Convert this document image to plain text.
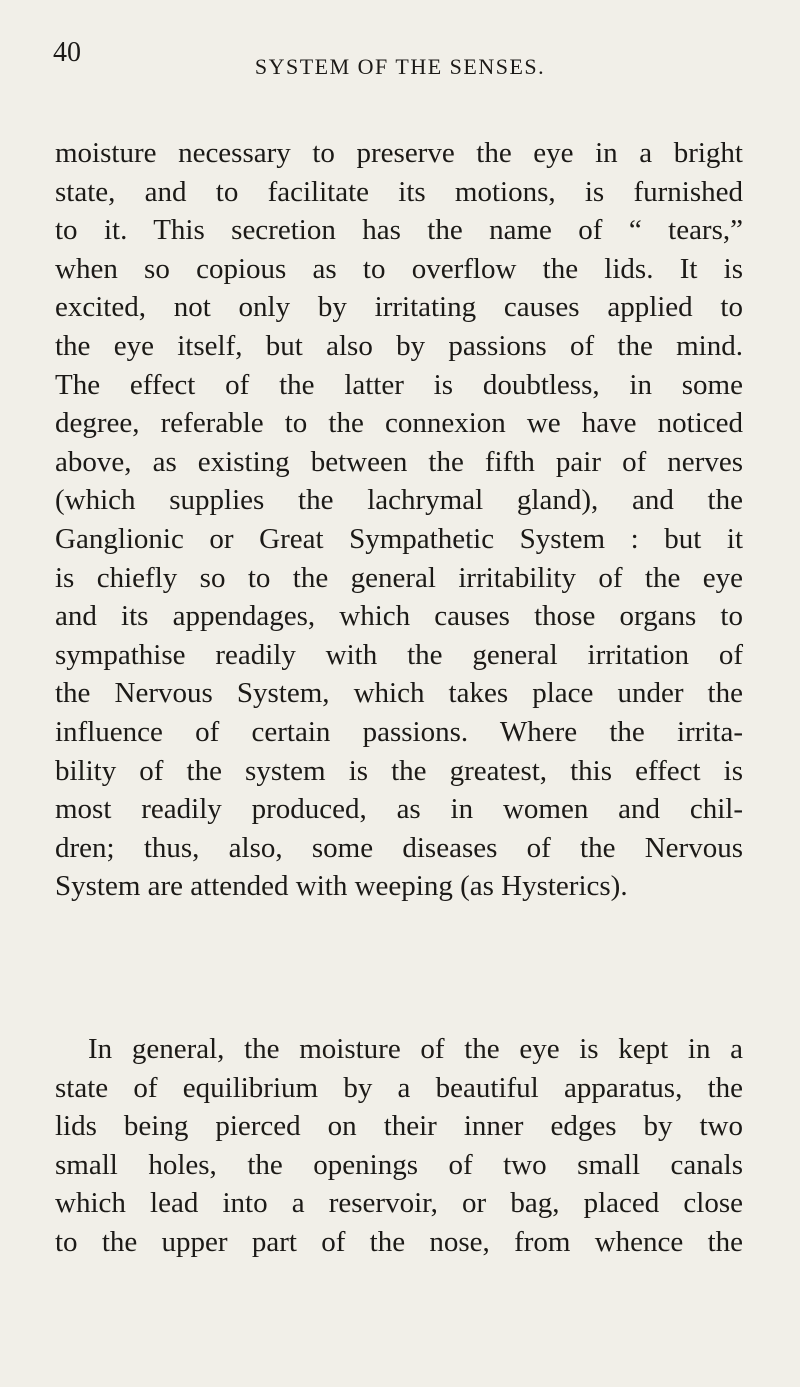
40	SYSTEM OF THE SENSES.
moisture necessary to preserve the eye in a bright
state, and to facilitate its motions, is furnished
to it. This secretion has the name of “ tears,”
when so copious as to overflow the lids. It is
excited, not only by irritating causes applied to
the eye itself, but also by passions of the mind.
The effect of the latter is doubtless, in some
degree, referable to the connexion we have noticed
above, as existing between the fifth pair of nerves
(which supplies the lachrymal gland), and the
Ganglionic or Great Sympathetic System : but it
is chiefly so to the general irritability of the eye
and its appendages, which causes those organs to
sympathise readily with the general irritation of
the Nervous System, which takes place under the
influence of certain passions. Where the irrita-
bility of the system is the greatest, this effect is
most readily produced, as in women and chil-
dren; thus, also, some diseases of the Nervous
System are attended with weeping (as Hysterics).
In general, the moisture of the eye is kept in a
state of equilibrium by a beautiful apparatus, the
lids being pierced on their inner edges by two
small holes, the openings of two small canals
which lead into a reservoir, or bag, placed close
to the upper part of the nose, from whence the
